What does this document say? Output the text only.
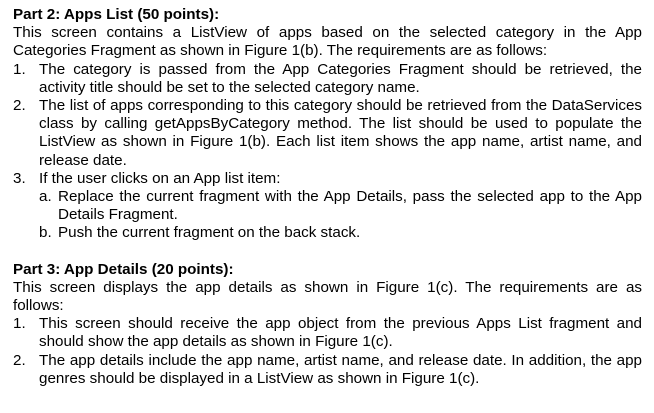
Part 2: Apps List (50 points):

This screen contains a ListView of apps based on the selected category in the App Categories Fragment as shown in Figure 1(b). The requirements are as follows:

1. The category is passed from the App Categories Fragment should be retrieved, the activity title should be set to the selected category name.
2. The list of apps corresponding to this category should be retrieved from the DataServices class by calling getAppsByCategory method. The list should be used to populate the ListView as shown in Figure 1(b). Each list item shows the app name, artist name, and release date.
3. If the user clicks on an App list item:
a. Replace the current fragment with the App Details, pass the selected app to the App Details Fragment.
b. Push the current fragment on the back stack.
Part 3: App Details (20 points):

This screen displays the app details as shown in Figure 1(c). The requirements are as follows:

1. This screen should receive the app object from the previous Apps List fragment and should show the app details as shown in Figure 1(c).
2. The app details include the app name, artist name, and release date. In addition, the app genres should be displayed in a ListView as shown in Figure 1(c).
